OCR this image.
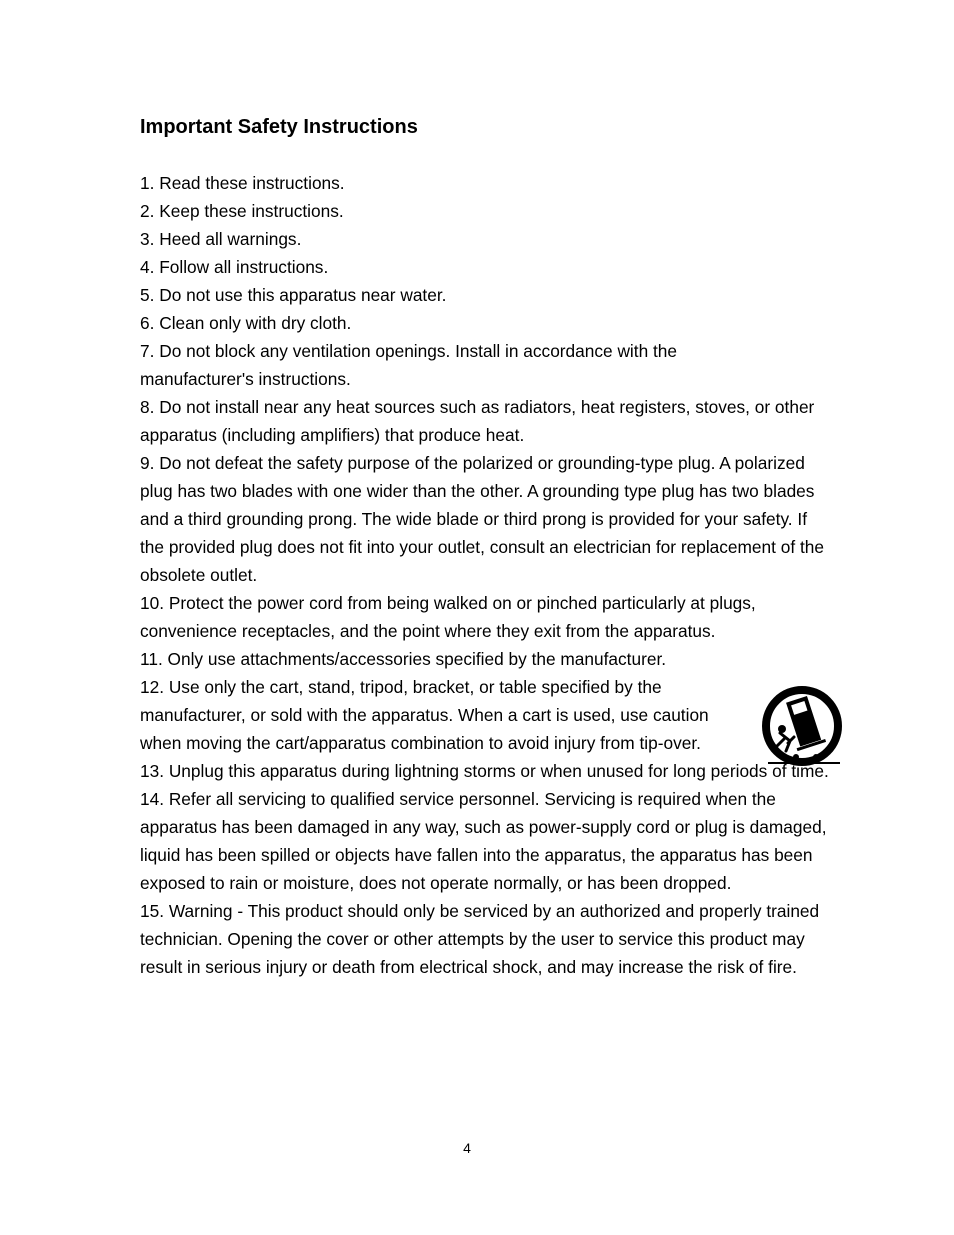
Important Safety Instructions
1. Read these instructions.
2. Keep these instructions.
3. Heed all warnings.
4. Follow all instructions.
5. Do not use this apparatus near water.
6. Clean only with dry cloth.
7. Do not block any ventilation openings. Install in accordance with the manufacturer's instructions.
8. Do not install near any heat sources such as radiators, heat registers, stoves, or other apparatus (including amplifiers) that produce heat.
9. Do not defeat the safety purpose of the polarized or grounding-type plug. A polarized plug has two blades with one wider than the other. A grounding type plug has two blades and a third grounding prong. The wide blade or third prong is provided for your safety. If the provided plug does not fit into your outlet, consult an electrician for replacement of the obsolete outlet.
10. Protect the power cord from being walked on or pinched particularly at plugs, convenience receptacles, and the point where they exit from the apparatus.
11. Only use attachments/accessories specified by the manufacturer.
12. Use only the cart, stand, tripod, bracket, or table specified by the manufacturer, or sold with the apparatus. When a cart is used, use caution when moving the cart/apparatus combination to avoid injury from tip-over.
13. Unplug this apparatus during lightning storms or when unused for long periods of time.
14. Refer all servicing to qualified service personnel. Servicing is required when the apparatus has been damaged in any way, such as power-supply cord or plug is damaged, liquid has been spilled or objects have fallen into the apparatus, the apparatus has been exposed to rain or moisture, does not operate normally, or has been dropped.
15. Warning - This product should only be serviced by an authorized and properly trained technician. Opening the cover or other attempts by the user to service this product may result in serious injury or death from electrical shock, and may increase the risk of fire.
4
